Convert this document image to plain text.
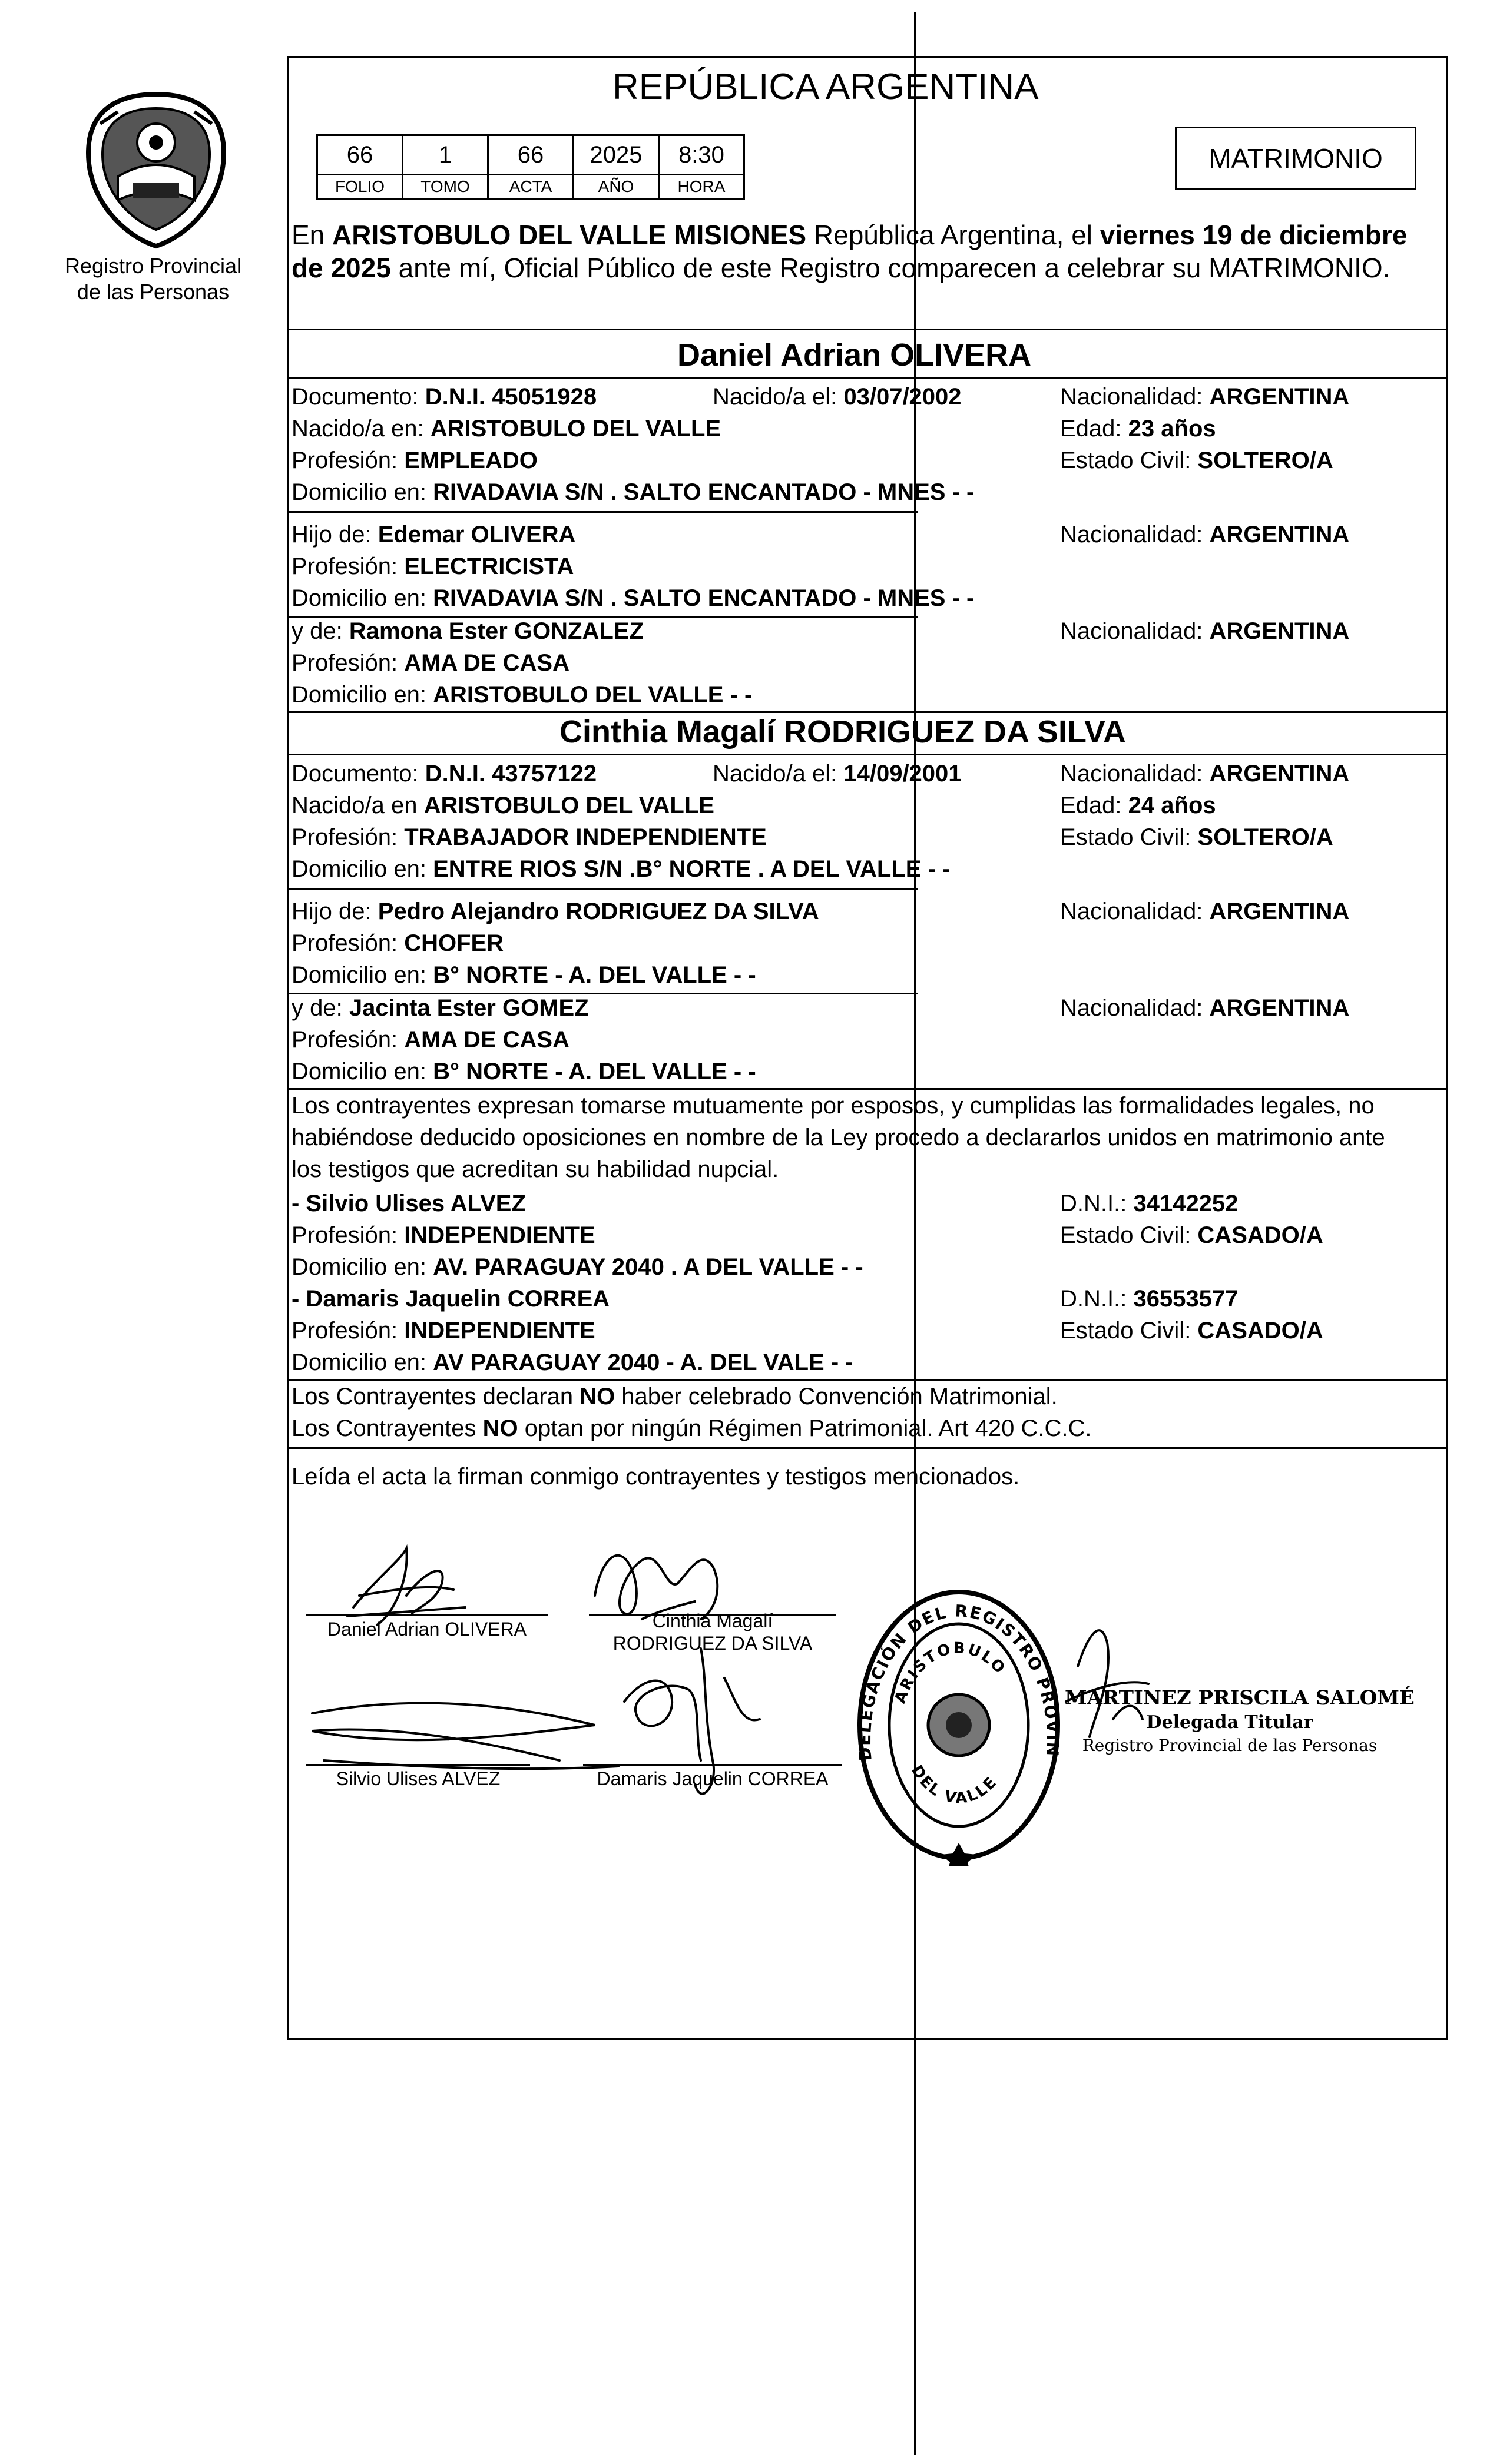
Registro Provincial
de las Personas
REPÚBLICA ARGENTINA
66	1	66	2025	8:30
FOLIO	TOMO	ACTA	AÑO	HORA
MATRIMONIO
En ARISTOBULO DEL VALLE MISIONES República Argentina, el viernes 19 de diciembre
de 2025 ante mí, Oficial Público de este Registro comparecen a celebrar su MATRIMONIO.
Daniel Adrian OLIVERA
Documento: D.N.I. 45051928	Nacido/a el: 03/07/2002	Nacionalidad: ARGENTINA
Nacido/a en: ARISTOBULO DEL VALLE	Edad: 23 años
Profesión: EMPLEADO	Estado Civil: SOLTERO/A
Domicilio en: RIVADAVIA S/N . SALTO ENCANTADO - MNES - -
Hijo de: Edemar OLIVERA	Nacionalidad: ARGENTINA
Profesión: ELECTRICISTA
Domicilio en: RIVADAVIA S/N . SALTO ENCANTADO - MNES - -
y de: Ramona Ester GONZALEZ	Nacionalidad: ARGENTINA
Profesión: AMA DE CASA
Domicilio en: ARISTOBULO DEL VALLE - -
Cinthia Magalí RODRIGUEZ DA SILVA
Documento: D.N.I. 43757122	Nacido/a el: 14/09/2001	Nacionalidad: ARGENTINA
Nacido/a en ARISTOBULO DEL VALLE	Edad: 24 años
Profesión: TRABAJADOR INDEPENDIENTE	Estado Civil: SOLTERO/A
Domicilio en: ENTRE RIOS S/N .B° NORTE . A DEL VALLE - -
Hijo de: Pedro Alejandro RODRIGUEZ DA SILVA	Nacionalidad: ARGENTINA
Profesión: CHOFER
Domicilio en: B° NORTE - A. DEL VALLE - -
y de: Jacinta Ester GOMEZ	Nacionalidad: ARGENTINA
Profesión: AMA DE CASA
Domicilio en: B° NORTE - A. DEL VALLE - -
Los contrayentes expresan tomarse mutuamente por esposos, y cumplidas las formalidades legales, no
habiéndose deducido oposiciones en nombre de la Ley procedo a declararlos unidos en matrimonio ante
los testigos que acreditan su habilidad nupcial.
- Silvio Ulises ALVEZ	D.N.I.: 34142252
Profesión: INDEPENDIENTE	Estado Civil: CASADO/A
Domicilio en: AV. PARAGUAY 2040 . A DEL VALLE - -
- Damaris Jaquelin CORREA	D.N.I.: 36553577
Profesión: INDEPENDIENTE	Estado Civil: CASADO/A
Domicilio en: AV PARAGUAY 2040 - A. DEL VALE - -
Los Contrayentes declaran NO haber celebrado Convención Matrimonial.
Los Contrayentes NO optan por ningún Régimen Patrimonial. Art 420 C.C.C.
Leída el acta la firman conmigo contrayentes y testigos mencionados.
Daniel Adrian OLIVERA	Cinthia Magalí
RODRIGUEZ DA SILVA
Silvio Ulises ALVEZ	Damaris Jaquelin CORREA
DELEGACIÓN DEL REGISTRO PROVIN
ARISTOBULO
DEL VALLE
MARTINEZ PRISCILA SALOMÉ
Delegada Titular
Registro Provincial de las Personas
